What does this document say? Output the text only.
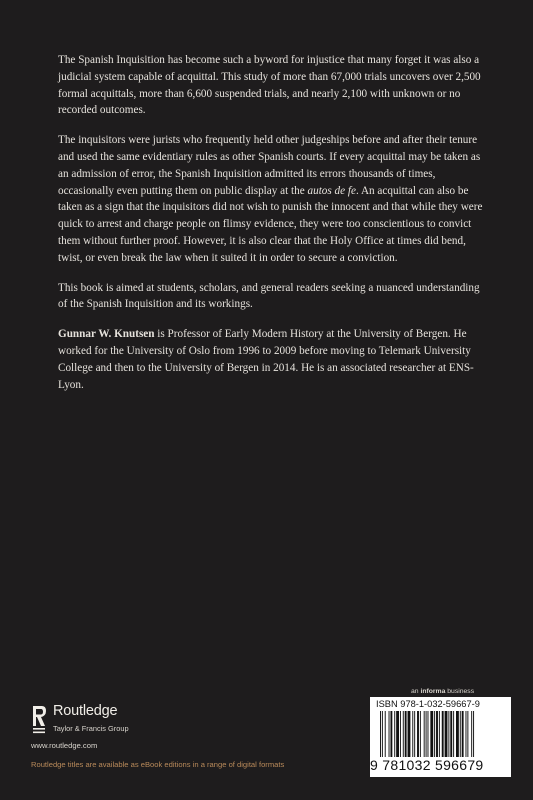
The Spanish Inquisition has become such a byword for injustice that many forget it was also a judicial system capable of acquittal. This study of more than 67,000 trials uncovers over 2,500 formal acquittals, more than 6,600 suspended trials, and nearly 2,100 with unknown or no recorded outcomes.

The inquisitors were jurists who frequently held other judgeships before and after their tenure and used the same evidentiary rules as other Spanish courts. If every acquittal may be taken as an admission of error, the Spanish Inquisition admitted its errors thousands of times, occasionally even putting them on public display at the autos de fe. An acquittal can also be taken as a sign that the inquisitors did not wish to punish the innocent and that while they were quick to arrest and charge people on flimsy evidence, they were too conscientious to convict them without further proof. However, it is also clear that the Holy Office at times did bend, twist, or even break the law when it suited it in order to secure a conviction.

This book is aimed at students, scholars, and general readers seeking a nuanced understanding of the Spanish Inquisition and its workings.

Gunnar W. Knutsen is Professor of Early Modern History at the University of Bergen. He worked for the University of Oslo from 1996 to 2009 before moving to Telemark University College and then to the University of Bergen in 2014. He is an associated researcher at ENS-Lyon.

Routledge
Taylor & Francis Group
www.routledge.com
Routledge titles are available as eBook editions in a range of digital formats
an informa business
ISBN 978-1-032-59667-9
9 781032 596679
